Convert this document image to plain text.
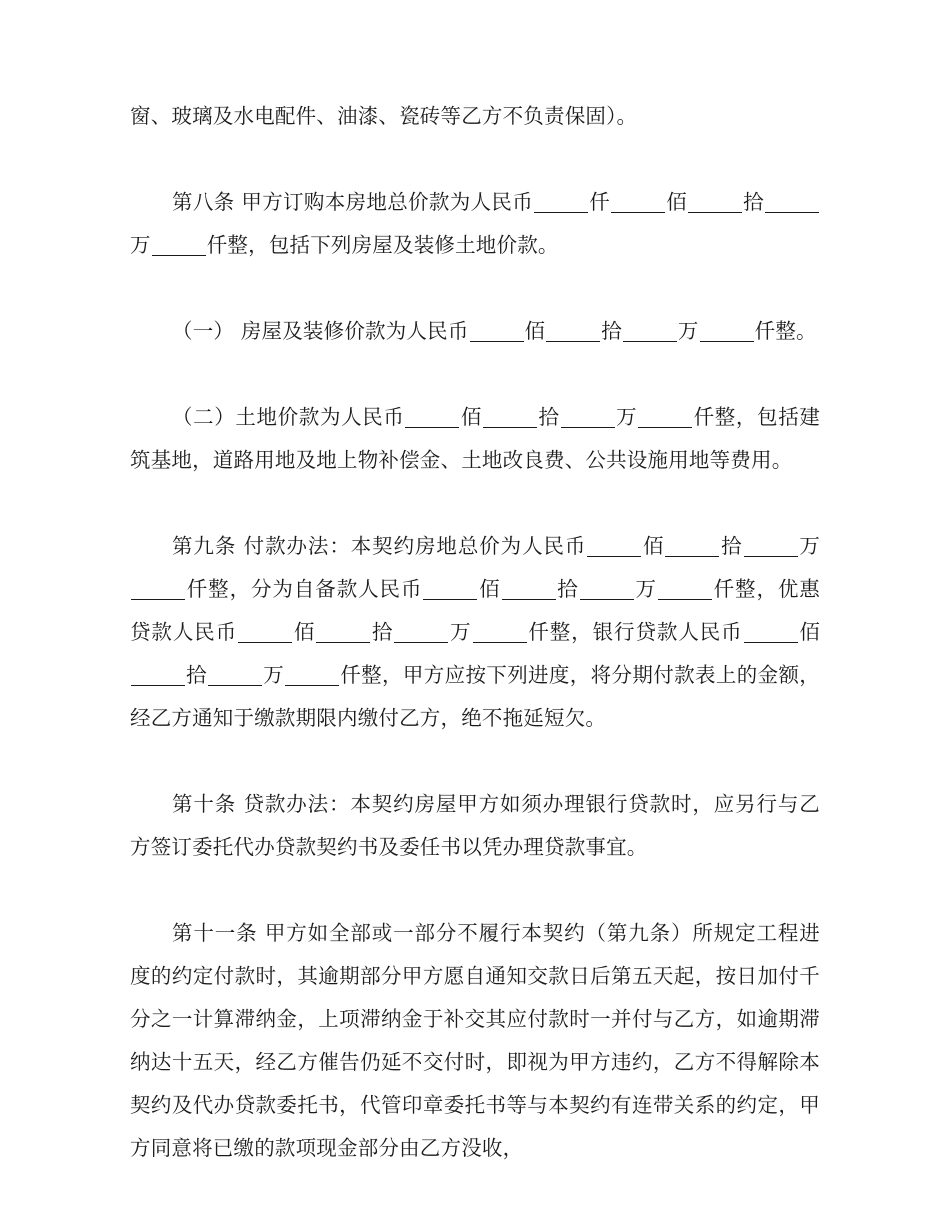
窗、玻璃及水电配件、油漆、瓷砖等乙方不负责保固）。

第八条 甲方订购本房地总价款为人民币	仟	佰	拾万	仟整，包括下列房屋及装修土地价款。

（一） 房屋及装修价款为人民币	佰	拾	万	仟整。

（二）土地价款为人民币	佰	拾	万	仟整，包括建筑基地，道路用地及地上物补偿金、土地改良费、公共设施用地等费用。

第九条 付款办法：本契约房地总价为人民币	佰	拾	万仟整，分为自备款人民币	佰	拾	万	仟整，优惠贷款人民币	佰	拾	万	仟整，银行贷款人民币	佰拾	万	仟整，甲方应按下列进度，将分期付款表上的金额，经乙方通知于缴款期限内缴付乙方，绝不拖延短欠。

第十条 贷款办法：本契约房屋甲方如须办理银行贷款时，应另行与乙方签订委托代办贷款契约书及委任书以凭办理贷款事宜。

第十一条 甲方如全部或一部分不履行本契约（第九条）所规定工程进度的约定付款时，其逾期部分甲方愿自通知交款日后第五天起，按日加付千分之一计算滞纳金，上项滞纳金于补交其应付款时一并付与乙方，如逾期滞纳达十五天，经乙方催告仍延不交付时，即视为甲方违约，乙方不得解除本契约及代办贷款委托书，代管印章委托书等与本契约有连带关系的约定，甲方同意将已缴的款项现金部分由乙方没收，
